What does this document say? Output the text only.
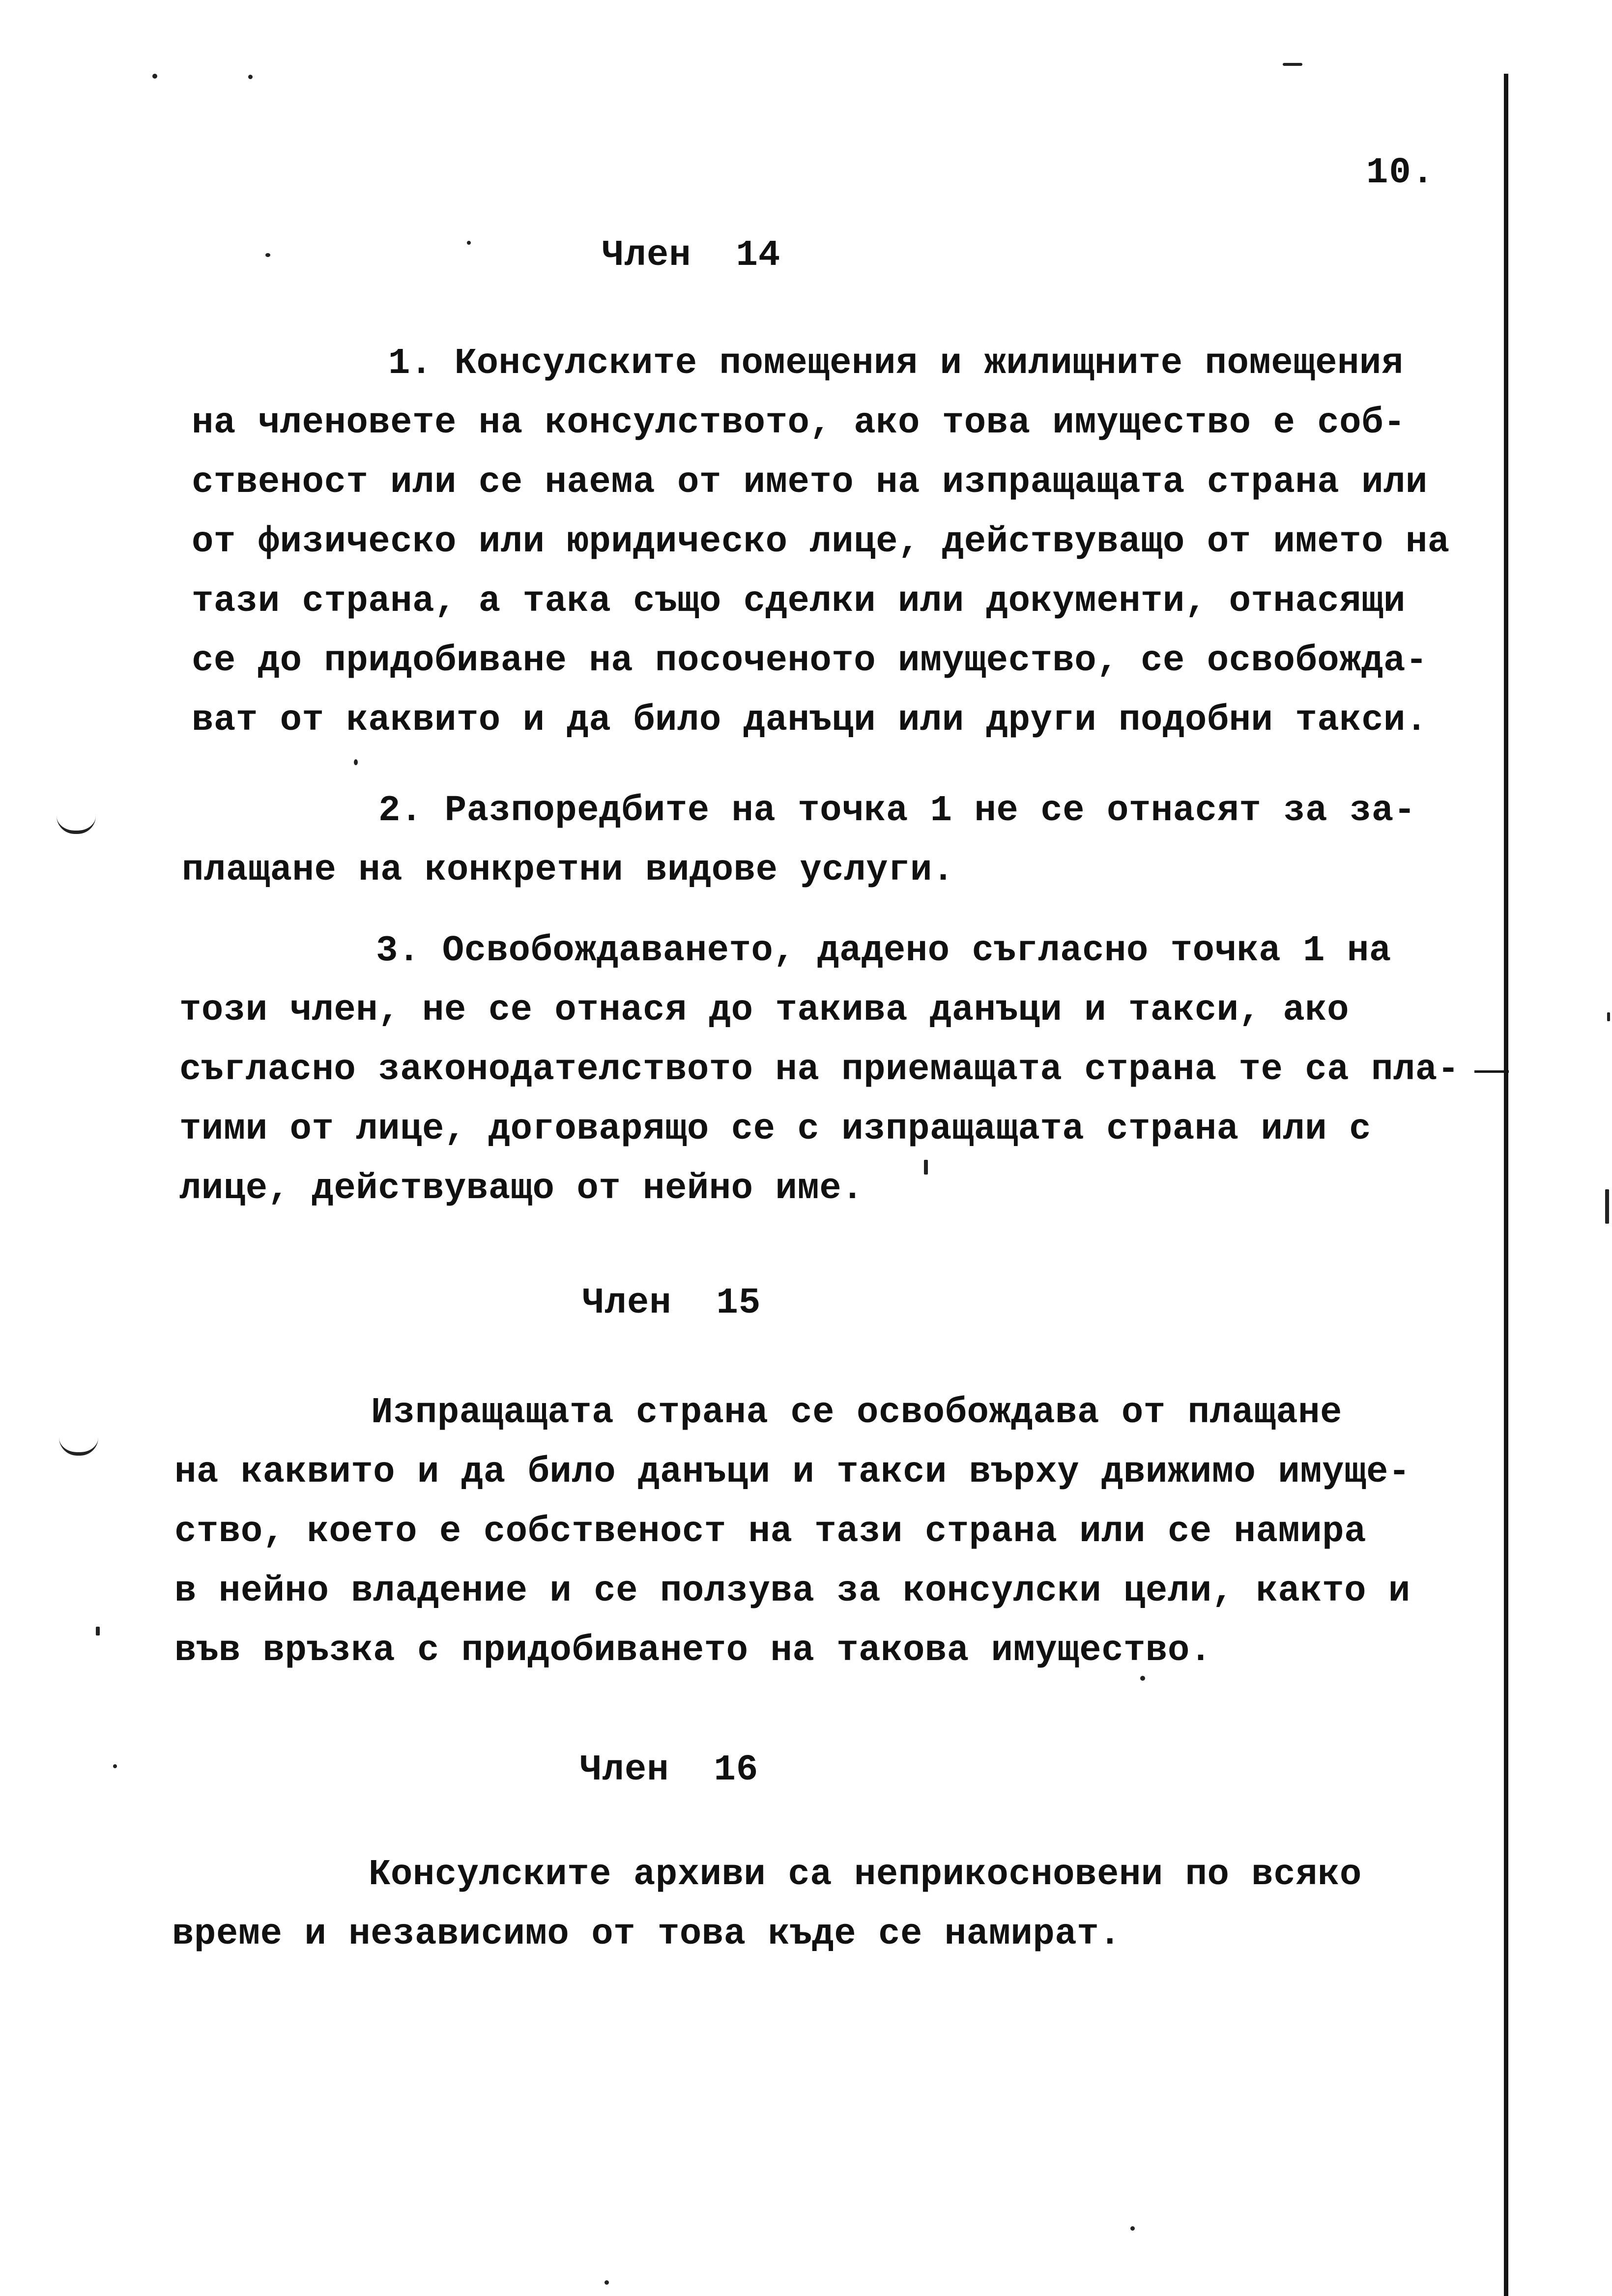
10.

Член  14

1. Консулските помещения и жилищните помещения
на членовете на консулството, ако това имущество е соб-
ственост или се наема от името на изпращащата страна или
от физическо или юридическо лице, действуващо от името на
тази страна, а така също сделки или документи, отнасящи
се до придобиване на посоченото имущество, се освобожда-
ват от каквито и да било данъци или други подобни такси.
2. Разпоредбите на точка 1 не се отнасят за за-
плащане на конкретни видове услуги.
3. Освобождаването, дадено съгласно точка 1 на
този член, не се отнася до такива данъци и такси, ако
съгласно законодателството на приемащата страна те са пла-
тими от лице, договарящо се с изпращащата страна или с
лице, действуващо от нейно име.

Член  15

Изпращащата страна се освобождава от плащане
на каквито и да било данъци и такси върху движимо имуще-
ство, което е собственост на тази страна или се намира
в нейно владение и се ползува за консулски цели, както и
във връзка с придобиването на такова имущество.

Член  16

Консулските архиви са неприкосновени по всяко
време и независимо от това къде се намират.
